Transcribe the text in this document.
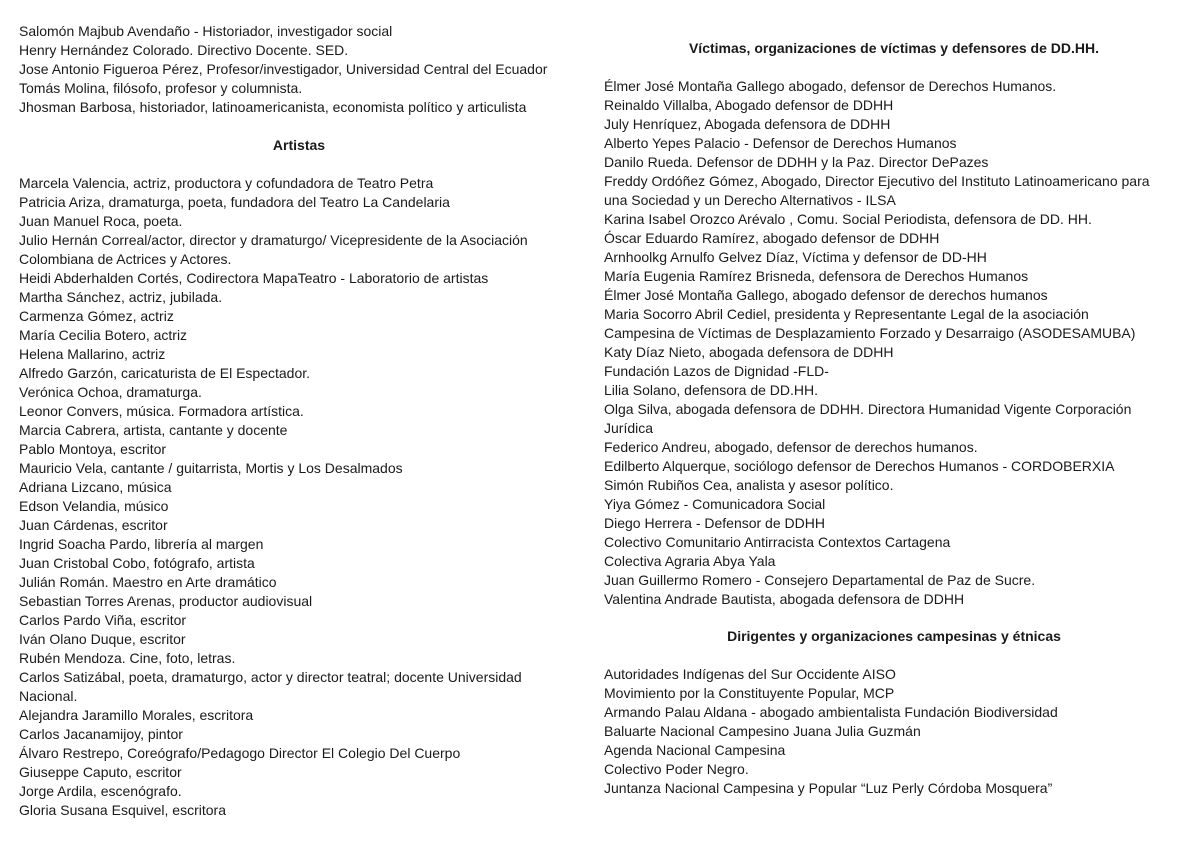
Salomón Majbub Avendaño - Historiador, investigador social
Henry Hernández Colorado. Directivo Docente. SED.
Jose Antonio Figueroa Pérez, Profesor/investigador, Universidad Central del Ecuador
Tomás Molina, filósofo, profesor y columnista.
Jhosman Barbosa, historiador, latinoamericanista, economista político y articulista
Artistas
Marcela Valencia, actriz, productora y cofundadora de Teatro Petra
Patricia Ariza, dramaturga, poeta, fundadora del Teatro La Candelaria
Juan Manuel Roca, poeta.
Julio Hernán Correal/actor, director y dramaturgo/ Vicepresidente de la Asociación
Colombiana de Actrices y Actores.
Heidi Abderhalden Cortés, Codirectora MapaTeatro - Laboratorio de artistas
Martha Sánchez, actriz, jubilada.
Carmenza Gómez, actriz
María Cecilia Botero, actriz
Helena Mallarino, actriz
Alfredo Garzón, caricaturista de El Espectador.
Verónica Ochoa, dramaturga.
Leonor Convers, música. Formadora artística.
Marcia Cabrera, artista, cantante y docente
Pablo Montoya, escritor
Mauricio Vela, cantante / guitarrista, Mortis y Los Desalmados
Adriana Lizcano, música
Edson Velandia, músico
Juan Cárdenas, escritor
Ingrid Soacha Pardo, librería al margen
Juan Cristobal Cobo, fotógrafo, artista
Julián Román. Maestro en Arte dramático
Sebastian Torres Arenas, productor audiovisual
Carlos Pardo Viña, escritor
Iván Olano Duque, escritor
Rubén Mendoza. Cine, foto, letras.
Carlos Satizábal, poeta, dramaturgo, actor y director teatral; docente Universidad
Nacional.
Alejandra Jaramillo Morales, escritora
Carlos Jacanamijoy, pintor
Álvaro Restrepo, Coreógrafo/Pedagogo Director El Colegio Del Cuerpo
Giuseppe Caputo, escritor
Jorge Ardila, escenógrafo.
Gloria Susana Esquivel, escritora
Víctimas, organizaciones de víctimas y defensores de DD.HH.
Élmer José Montaña Gallego abogado, defensor de Derechos Humanos.
Reinaldo Villalba, Abogado defensor de DDHH
July Henríquez, Abogada defensora de DDHH
Alberto Yepes Palacio - Defensor de Derechos Humanos
Danilo Rueda. Defensor de DDHH y la Paz. Director DePazes
Freddy Ordóñez Gómez, Abogado, Director Ejecutivo del Instituto Latinoamericano para
una Sociedad y un Derecho Alternativos - ILSA
Karina Isabel Orozco Arévalo , Comu. Social Periodista, defensora de DD. HH.
Óscar Eduardo Ramírez, abogado defensor de DDHH
Arnhoolkg Arnulfo Gelvez Díaz, Víctima y defensor de DD-HH
María Eugenia Ramírez Brisneda, defensora de Derechos Humanos
Élmer José Montaña Gallego, abogado defensor de derechos humanos
Maria Socorro Abril Cediel, presidenta y Representante Legal de la asociación
Campesina de Víctimas de Desplazamiento Forzado y Desarraigo (ASODESAMUBA)
Katy Díaz Nieto, abogada defensora de DDHH
Fundación Lazos de Dignidad -FLD-
Lilia Solano, defensora de DD.HH.
Olga Silva, abogada defensora de DDHH. Directora Humanidad Vigente Corporación
Jurídica
Federico Andreu, abogado, defensor de derechos humanos.
Edilberto Alquerque, sociólogo defensor de Derechos Humanos - CORDOBERXIA
Simón Rubiños Cea, analista y asesor político.
Yiya Gómez - Comunicadora Social
Diego Herrera - Defensor de DDHH
Colectivo Comunitario Antirracista Contextos Cartagena
Colectiva Agraria Abya Yala
Juan Guillermo Romero - Consejero Departamental de Paz de Sucre.
Valentina Andrade Bautista, abogada defensora de DDHH
Dirigentes y organizaciones campesinas y étnicas
Autoridades Indígenas del Sur Occidente AISO
Movimiento por la Constituyente Popular, MCP
Armando Palau Aldana - abogado ambientalista Fundación Biodiversidad
Baluarte Nacional Campesino Juana Julia Guzmán
Agenda Nacional Campesina
Colectivo Poder Negro.
Juntanza Nacional Campesina y Popular “Luz Perly Córdoba Mosquera”
